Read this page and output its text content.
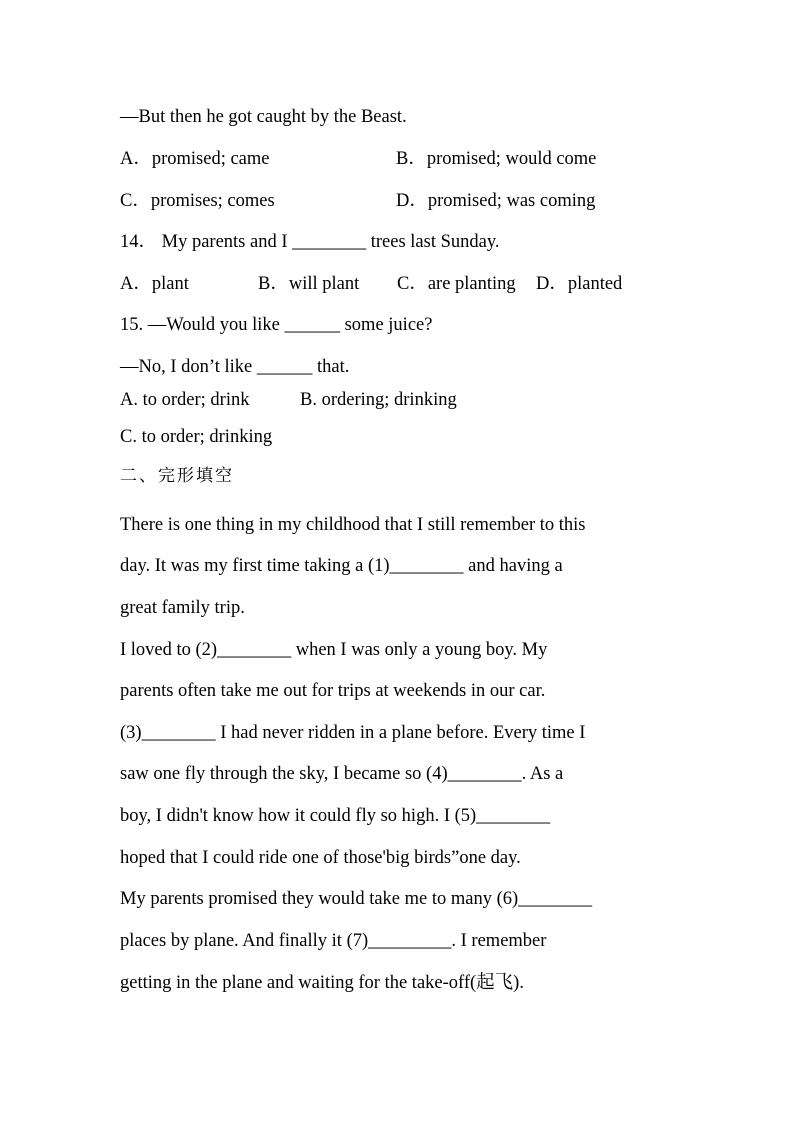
—But then he got caught by the Beast.
A．promised; came	B．promised; would come
C．promises; comes	D．promised; was coming
14． My parents and I ________ trees last Sunday.
A．plant	B．will plant C．are planting D．planted
15. —Would you like ______ some juice?
—No, I don’t like ______ that.
A. to order; drink	B. ordering; drinking
C. to order; drinking
二、完形填空
There is one thing in my childhood that I still remember to this
day. It was my first time taking a (1)________ and having a
great family trip.
I loved to (2)________ when I was only a young boy. My
parents often take me out for trips at weekends in our car.
(3)________ I had never ridden in a plane before. Every time I
saw one fly through the sky, I became so (4)________. As a
boy, I didn't know how it could fly so high. I (5)________
hoped that I could ride one of those'big birds”one day.
My parents promised they would take me to many (6)________
places by plane. And finally it (7)_________. I remember
getting in the plane and waiting for the take-off(起飞).
